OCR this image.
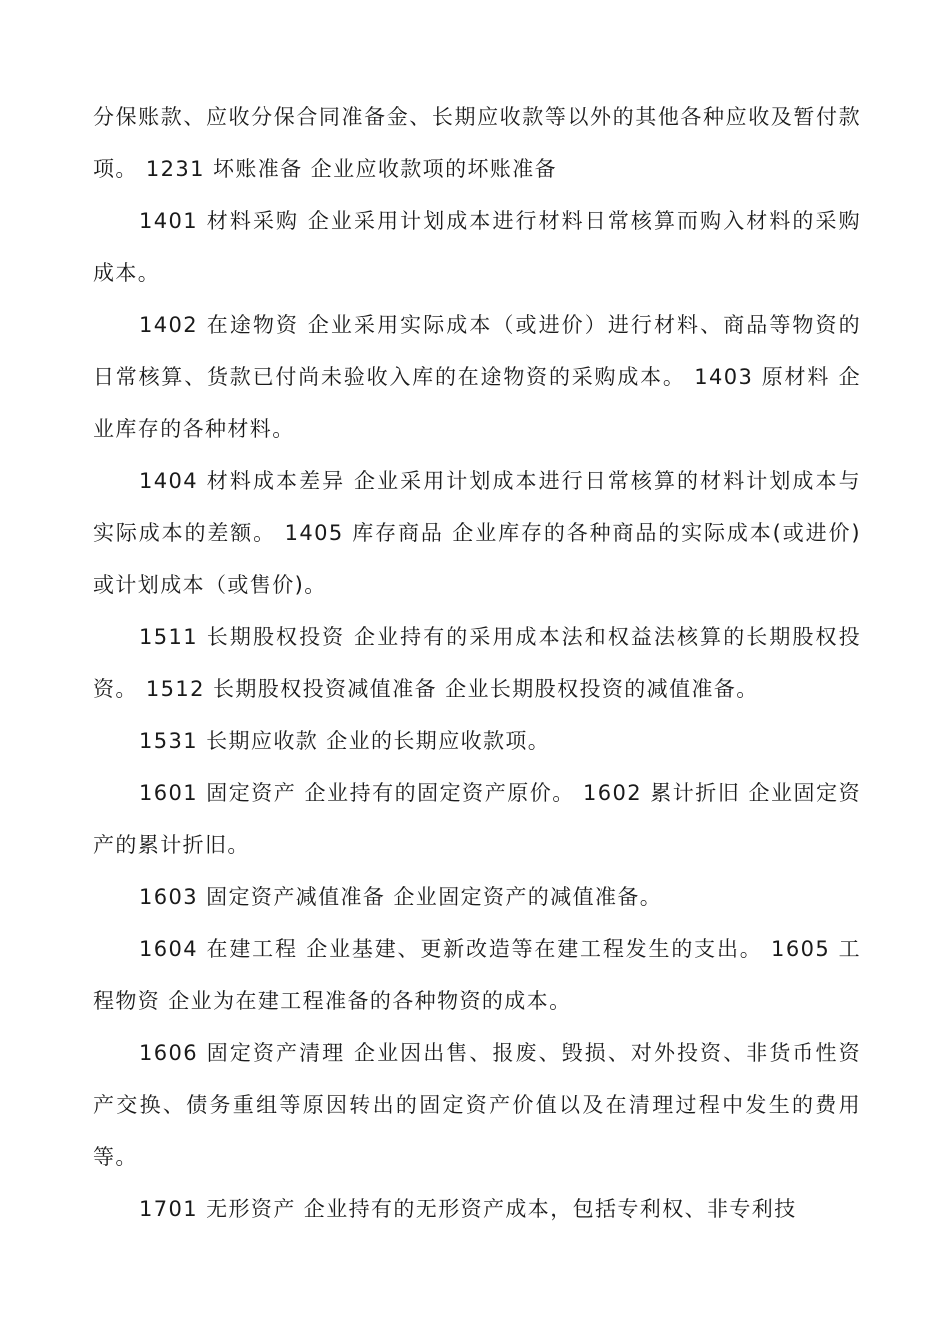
分保账款、应收分保合同准备金、长期应收款等以外的其他各种应收及暂付款项。 1231 坏账准备 企业应收款项的坏账准备

1401 材料采购 企业采用计划成本进行材料日常核算而购入材料的采购成本。

1402 在途物资 企业采用实际成本（或进价）进行材料、商品等物资的日常核算、货款已付尚未验收入库的在途物资的采购成本。 1403 原材料 企业库存的各种材料。

1404 材料成本差异 企业采用计划成本进行日常核算的材料计划成本与实际成本的差额。 1405 库存商品 企业库存的各种商品的实际成本(或进价)或计划成本（或售价)。

1511 长期股权投资 企业持有的采用成本法和权益法核算的长期股权投资。 1512 长期股权投资减值准备 企业长期股权投资的减值准备。

1531 长期应收款 企业的长期应收款项。

1601 固定资产 企业持有的固定资产原价。 1602 累计折旧 企业固定资产的累计折旧。

1603 固定资产减值准备 企业固定资产的减值准备。

1604 在建工程 企业基建、更新改造等在建工程发生的支出。 1605 工程物资 企业为在建工程准备的各种物资的成本。

1606 固定资产清理 企业因出售、报废、毁损、对外投资、非货币性资产交换、债务重组等原因转出的固定资产价值以及在清理过程中发生的费用等。

1701 无形资产 企业持有的无形资产成本，包括专利权、非专利技
